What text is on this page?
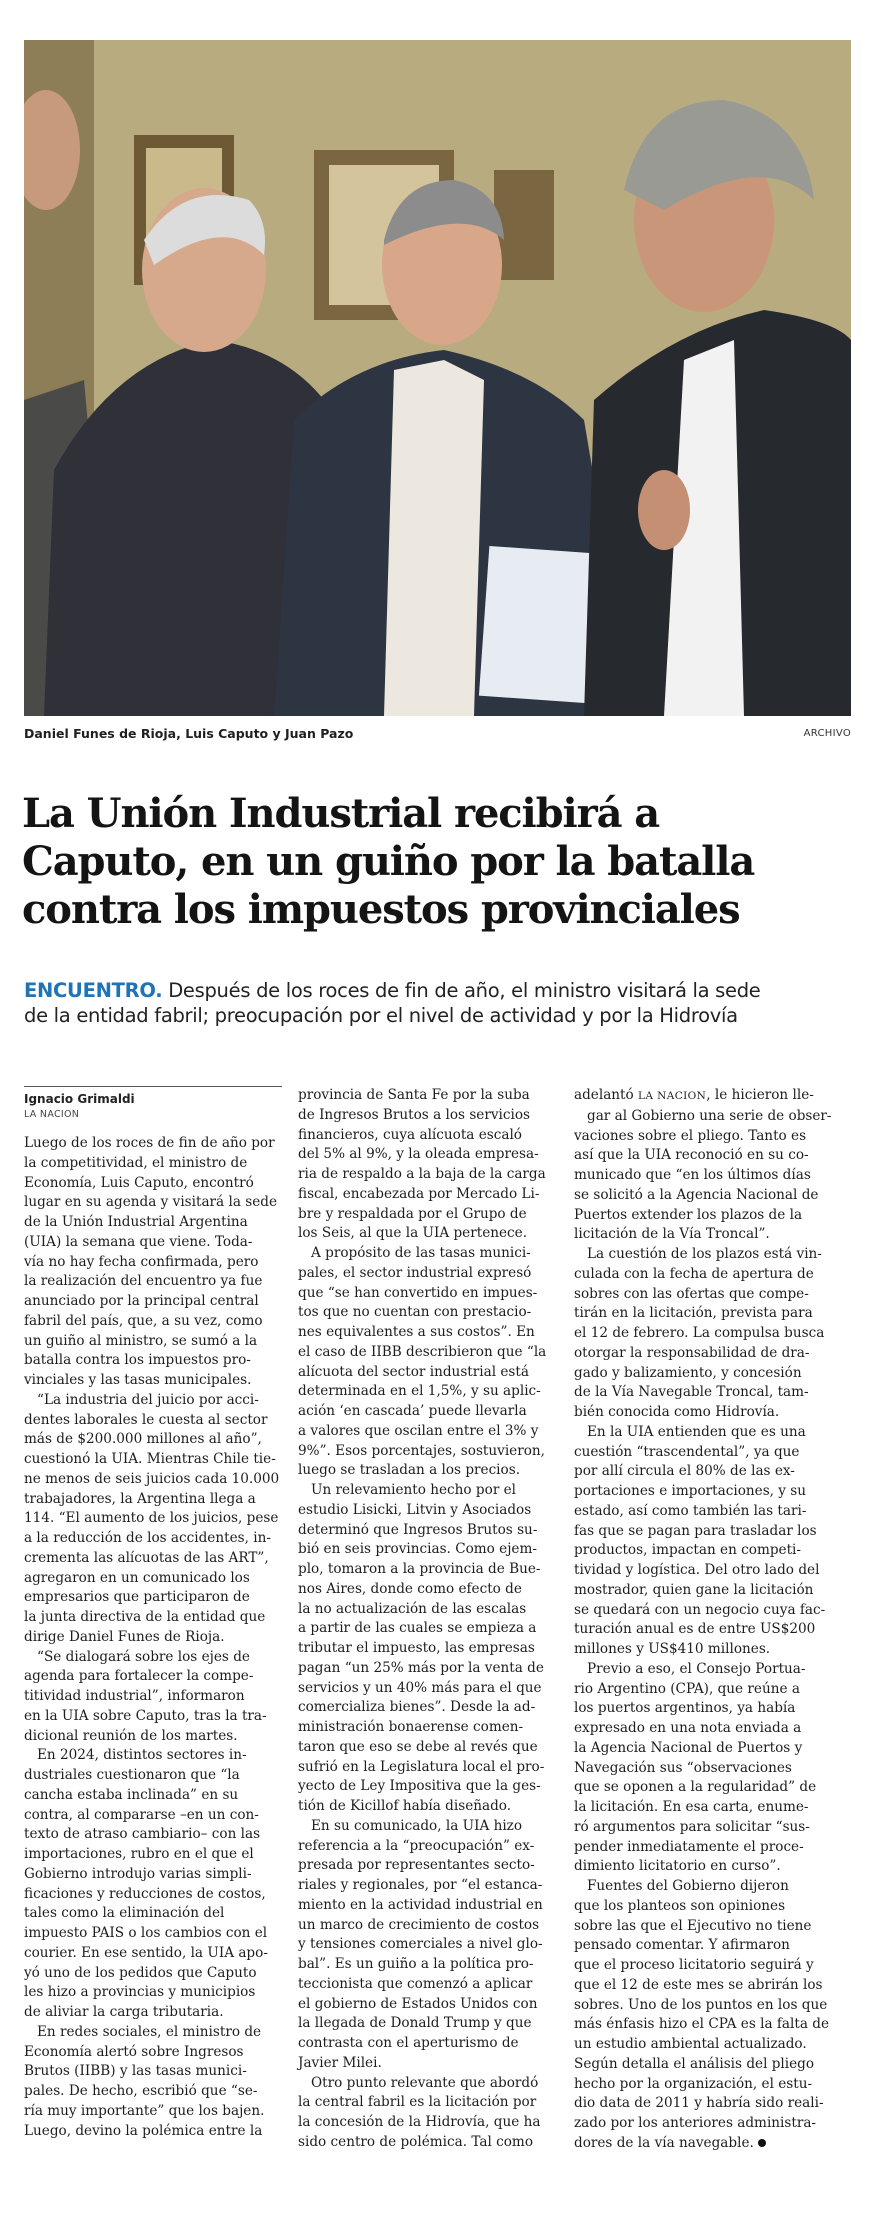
Daniel Funes de Rioja, Luis Caputo y Juan Pazo	ARCHIVO
La Unión Industrial recibirá a
Caputo, en un guiño por la batalla
contra los impuestos provinciales
ENCUENTRO. Después de los roces de fin de año, el ministro visitará la sede
de la entidad fabril; preocupación por el nivel de actividad y por la Hidrovía
Ignacio Grimaldi
LA NACION

Luego de los roces de fin de año por
la competitividad, el ministro de
Economía, Luis Caputo, encontró
lugar en su agenda y visitará la sede
de la Unión Industrial Argentina
(UIA) la semana que viene. Toda-
vía no hay fecha confirmada, pero
la realización del encuentro ya fue
anunciado por la principal central
fabril del país, que, a su vez, como
un guiño al ministro, se sumó a la
batalla contra los impuestos pro-
vinciales y las tasas municipales.

“La industria del juicio por acci-
dentes laborales le cuesta al sector
más de $200.000 millones al año”,
cuestionó la UIA. Mientras Chile tie-
ne menos de seis juicios cada 10.000
trabajadores, la Argentina llega a
114. “El aumento de los juicios, pese
a la reducción de los accidentes, in-
crementa las alícuotas de las ART”,
agregaron en un comunicado los
empresarios que participaron de
la junta directiva de la entidad que
dirige Daniel Funes de Rioja.

“Se dialogará sobre los ejes de
agenda para fortalecer la compe-
titividad industrial”, informaron
en la UIA sobre Caputo, tras la tra-
dicional reunión de los martes.

En 2024, distintos sectores in-
dustriales cuestionaron que “la
cancha estaba inclinada” en su
contra, al compararse –en un con-
texto de atraso cambiario– con las
importaciones, rubro en el que el
Gobierno introdujo varias simpli-
ficaciones y reducciones de costos,
tales como la eliminación del
impuesto PAIS o los cambios con el
courier. En ese sentido, la UIA apo-
yó uno de los pedidos que Caputo
les hizo a provincias y municipios
de aliviar la carga tributaria.

En redes sociales, el ministro de
Economía alertó sobre Ingresos
Brutos (IIBB) y las tasas munici-
pales. De hecho, escribió que “se-
ría muy importante” que los bajen.
Luego, devino la polémica entre la

provincia de Santa Fe por la suba
de Ingresos Brutos a los servicios
financieros, cuya alícuota escaló
del 5% al 9%, y la oleada empresa-
ria de respaldo a la baja de la carga
fiscal, encabezada por Mercado Li-
bre y respaldada por el Grupo de
los Seis, al que la UIA pertenece.

A propósito de las tasas munici-
pales, el sector industrial expresó
que “se han convertido en impues-
tos que no cuentan con prestacio-
nes equivalentes a sus costos”. En
el caso de IIBB describieron que “la
alícuota del sector industrial está
determinada en el 1,5%, y su aplic-
ación ‘en cascada’ puede llevarla
a valores que oscilan entre el 3% y
9%”. Esos porcentajes, sostuvieron,
luego se trasladan a los precios.

Un relevamiento hecho por el
estudio Lisicki, Litvin y Asociados
determinó que Ingresos Brutos su-
bió en seis provincias. Como ejem-
plo, tomaron a la provincia de Bue-
nos Aires, donde como efecto de
la no actualización de las escalas
a partir de las cuales se empieza a
tributar el impuesto, las empresas
pagan “un 25% más por la venta de
servicios y un 40% más para el que
comercializa bienes”. Desde la ad-
ministración bonaerense comen-
taron que eso se debe al revés que
sufrió en la Legislatura local el pro-
yecto de Ley Impositiva que la ges-
tión de Kicillof había diseñado.

En su comunicado, la UIA hizo
referencia a la “preocupación” ex-
presada por representantes secto-
riales y regionales, por “el estanca-
miento en la actividad industrial en
un marco de crecimiento de costos
y tensiones comerciales a nivel glo-
bal”. Es un guiño a la política pro-
teccionista que comenzó a aplicar
el gobierno de Estados Unidos con
la llegada de Donald Trump y que
contrasta con el aperturismo de
Javier Milei.

Otro punto relevante que abordó
la central fabril es la licitación por
la concesión de la Hidrovía, que ha
sido centro de polémica. Tal como

adelantó LA NACION, le hicieron lle-

gar al Gobierno una serie de obser-
vaciones sobre el pliego. Tanto es
así que la UIA reconoció en su co-
municado que “en los últimos días
se solicitó a la Agencia Nacional de
Puertos extender los plazos de la
licitación de la Vía Troncal”.

La cuestión de los plazos está vin-
culada con la fecha de apertura de
sobres con las ofertas que compe-
tirán en la licitación, prevista para
el 12 de febrero. La compulsa busca
otorgar la responsabilidad de dra-
gado y balizamiento, y concesión
de la Vía Navegable Troncal, tam-
bién conocida como Hidrovía.

En la UIA entienden que es una
cuestión “trascendental”, ya que
por allí circula el 80% de las ex-
portaciones e importaciones, y su
estado, así como también las tari-
fas que se pagan para trasladar los
productos, impactan en competi-
tividad y logística. Del otro lado del
mostrador, quien gane la licitación
se quedará con un negocio cuya fac-
turación anual es de entre US$200
millones y US$410 millones.

Previo a eso, el Consejo Portua-
rio Argentino (CPA), que reúne a
los puertos argentinos, ya había
expresado en una nota enviada a
la Agencia Nacional de Puertos y
Navegación sus “observaciones
que se oponen a la regularidad” de
la licitación. En esa carta, enume-
ró argumentos para solicitar “sus-
pender inmediatamente el proce-
dimiento licitatorio en curso”.

Fuentes del Gobierno dijeron
que los planteos son opiniones
sobre las que el Ejecutivo no tiene
pensado comentar. Y afirmaron
que el proceso licitatorio seguirá y
que el 12 de este mes se abrirán los
sobres. Uno de los puntos en los que
más énfasis hizo el CPA es la falta de
un estudio ambiental actualizado.
Según detalla el análisis del pliego
hecho por la organización, el estu-
dio data de 2011 y habría sido reali-
zado por los anteriores administra-
dores de la vía navegable.
